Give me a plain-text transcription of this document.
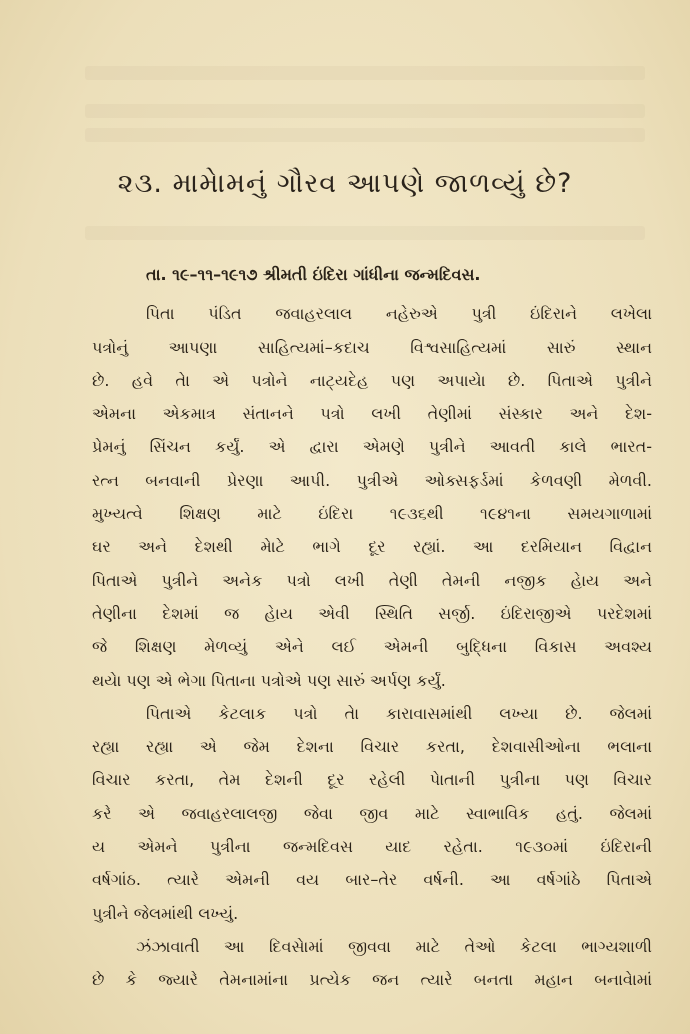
૨૩. મામેામનું ગૌરવ આપણે જાળવ્યું છે?
તા. ૧૯–૧૧–૧૯૧૭ શ્રીમતી ઇંદિરા ગાંધીના જન્મદિવસ.
પિતા પંડિત જવાહરલાલ નહેરુએ પુત્રી ઇંદિરાને લખેલા
પત્રોનું આપણા સાહિત્યમાં–કદાચ વિશ્વસાહિત્યમાં સારું સ્થાન
છે. હવે તેા એ પત્રોને નાટ્યદેહ પણ અપાયેા છે. પિતાએ પુત્રીને
એમના એકમાત્ર સંતાનને પત્રો લખી તેણીમાં સંસ્કાર અને દેશ-
પ્રેમનું સિંચન કર્યું. એ દ્વારા એમણે પુત્રીને આવતી કાલે ભારત-
રત્ન બનવાની પ્રેરણા આપી. પુત્રીએ ઓક્સફર્ડમાં કેળવણી મેળવી.
મુખ્યત્વે શિક્ષણ માટે ઇંદિરા ૧૯૩૬થી ૧૯૪૧ના સમયગાળામાં
ઘર અને દેશથી મેાટે ભાગે દૂર રહ્યાં. આ દરમિયાન વિદ્વાન
પિતાએ પુત્રીને અનેક પત્રો લખી તેણી તેમની નજીક હેાય અને
તેણીના દેશમાં જ હેાય એવી સ્થિતિ સર્જી. ઇંદિરાજીએ પરદેશમાં
જે શિક્ષણ મેળવ્યું એને લઈ એમની બુદ્ધિના વિકાસ અવશ્ય
થયેા પણ એ ભેગા પિતાના પત્રોએ પણ સારું અર્પણ કર્યું.
પિતાએ કેટલાક પત્રો તેા કારાવાસમાંથી લખ્યા છે. જેલમાં
રહ્યા રહ્યા એ જેમ દેશના વિચાર કરતા, દેશવાસીઓના ભલાના
વિચાર કરતા, તેમ દેશની દૂર રહેલી પેાતાની પુત્રીના પણ વિચાર
કરે એ જવાહરલાલજી જેવા જીવ માટે સ્વાભાવિક હતું. જેલમાં
ય એમને પુત્રીના જન્મદિવસ યાદ રહેતા. ૧૯૩૦માં ઇંદિરાની
વર્ષગાંઠ. ત્યારે એમની વય બાર–તેર વર્ષની. આ વર્ષગાંઠે પિતાએ
પુત્રીને જેલમાંથી લખ્યું.
ઝંઝાવાતી આ દિવસેામાં જીવવા માટે તેઓ કેટલા ભાગ્યશાળી
છે કે જ્યારે તેમનામાંના પ્રત્યેક જન ત્યારે બનતા મહાન બનાવેામાં
